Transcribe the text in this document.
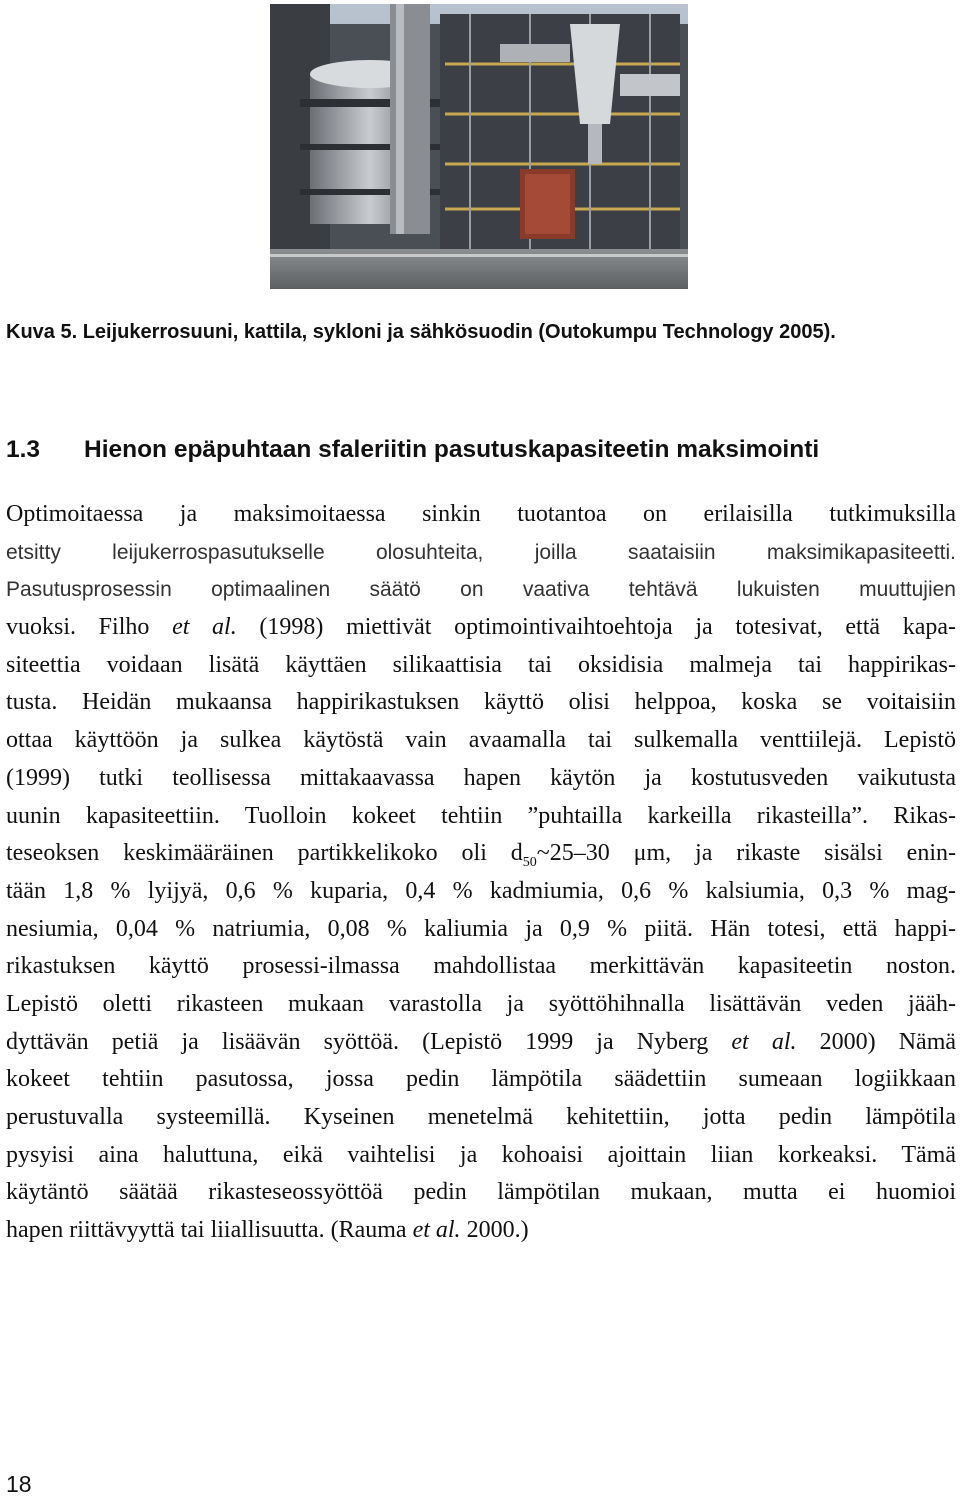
Kuva 5. Leijukerrosuuni, kattila, sykloni ja sähkösuodin (Outokumpu Technology 2005).

1.3 Hienon epäpuhtaan sfaleriitin pasutuskapasiteetin maksimointi
Optimoitaessa ja maksimoitaessa sinkin tuotantoa on erilaisilla tutkimuksilla
etsitty leijukerrospasutukselle olosuhteita, joilla saataisiin maksimikapasiteetti.
Pasutusprosessin optimaalinen säätö on vaativa tehtävä lukuisten muuttujien
vuoksi. Filho et al. (1998) miettivät optimointivaihtoehtoja ja totesivat, että kapa-
siteettia voidaan lisätä käyttäen silikaattisia tai oksidisia malmeja tai happirikas-
tusta. Heidän mukaansa happirikastuksen käyttö olisi helppoa, koska se voitaisiin
ottaa käyttöön ja sulkea käytöstä vain avaamalla tai sulkemalla venttiilejä. Lepistö
(1999) tutki teollisessa mittakaavassa hapen käytön ja kostutusveden vaikutusta
uunin kapasiteettiin. Tuolloin kokeet tehtiin ”puhtailla karkeilla rikasteilla”. Rikas-
teseoksen keskimääräinen partikkelikoko oli $d_{50}\sim 25-30$ μm, ja rikaste sisälsi enin-
tään 1,8 % lyijyä, 0,6 % kuparia, 0,4 % kadmiumia, 0,6 % kalsiumia, 0,3 % mag-
nesiumia, 0,04 % natriumia, 0,08 % kaliumia ja 0,9 % piitä. Hän totesi, että happi-
rikastuksen käyttö prosessi-ilmassa mahdollistaa merkittävän kapasiteetin noston.
Lepistö oletti rikasteen mukaan varastolla ja syöttöhihnalla lisättävän veden jääh-
dyttävän petiä ja lisäävän syöttöä. (Lepistö 1999 ja Nyberg et al. 2000) Nämä
kokeet tehtiin pasutossa, jossa pedin lämpötila säädettiin sumeaan logiikkaan
perustuvalla systeemillä. Kyseinen menetelmä kehitettiin, jotta pedin lämpötila
pysyisi aina haluttuna, eikä vaihtelisi ja kohoaisi ajoittain liian korkeaksi. Tämä
käytäntö säätää rikasteseossyöttöä pedin lämpötilan mukaan, mutta ei huomioi
hapen riittävyyttä tai liiallisuutta. (Rauma et al. 2000.)

18
